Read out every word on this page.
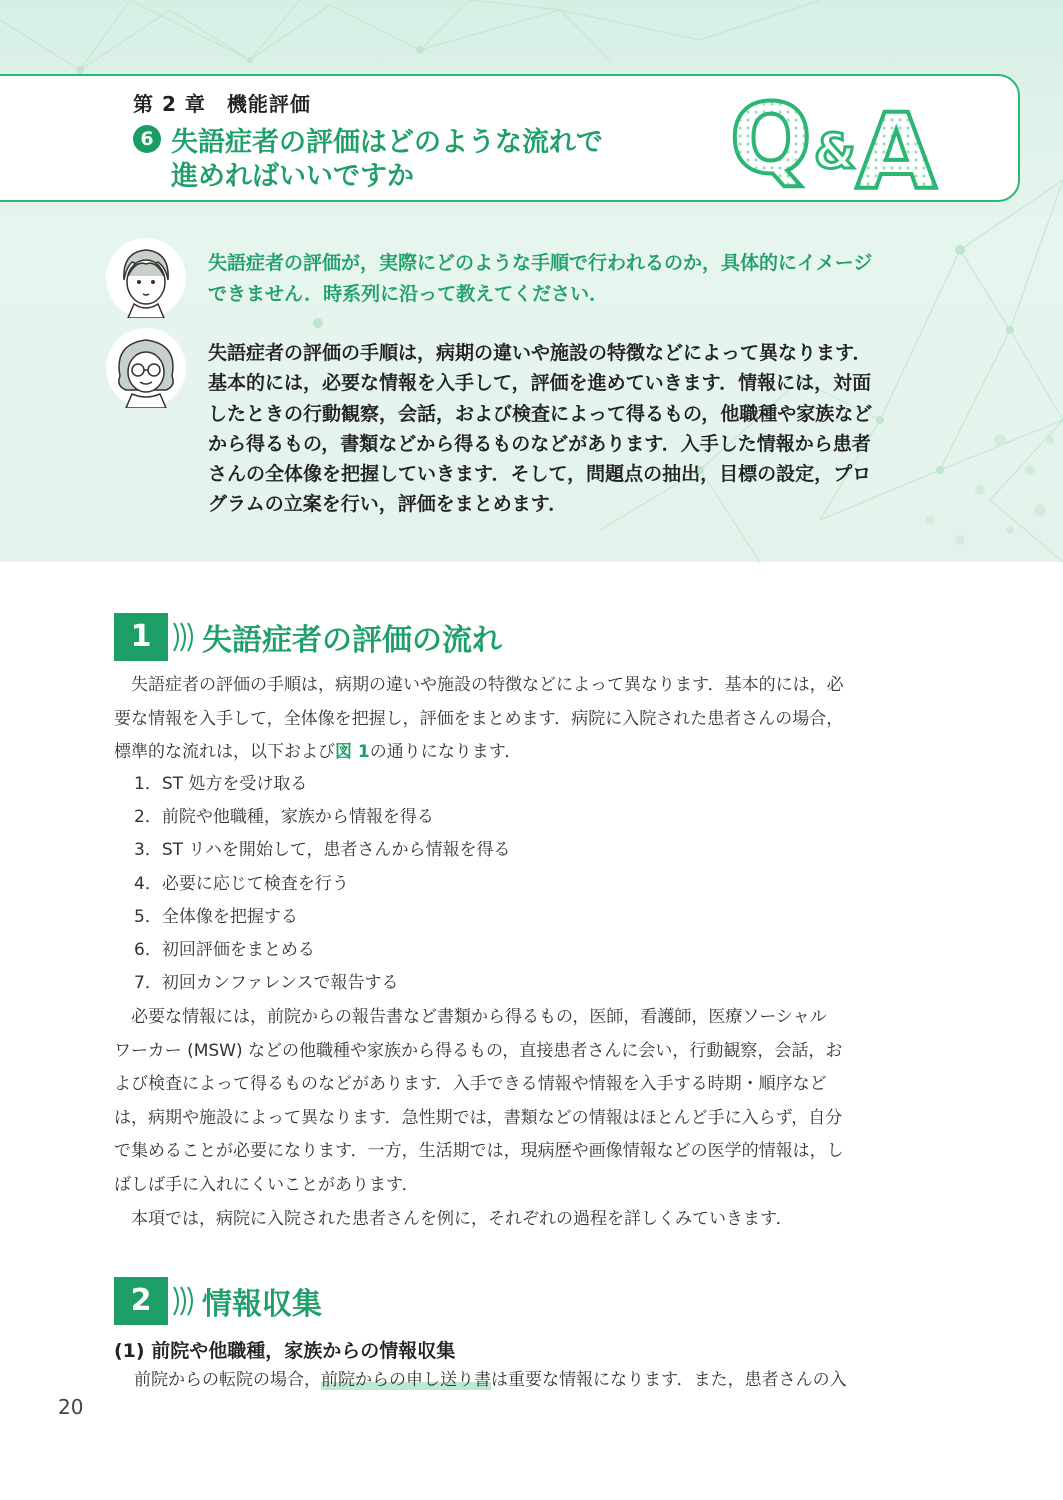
第 2 章　機能評価
6 失語症者の評価はどのような流れで
進めればいいですか	Q & A
失語症者の評価が，実際にどのような手順で行われるのか，具体的にイメージ
できません．時系列に沿って教えてください．
失語症者の評価の手順は，病期の違いや施設の特徴などによって異なります．
基本的には，必要な情報を入手して，評価を進めていきます．情報には，対面
したときの行動観察，会話，および検査によって得るもの，他職種や家族など
から得るもの，書類などから得るものなどがあります．入手した情報から患者
さんの全体像を把握していきます．そして，問題点の抽出，目標の設定，プロ
グラムの立案を行い，評価をまとめます．
1	失語症者の評価の流れ

失語症者の評価の手順は，病期の違いや施設の特徴などによって異なります．基本的には，必

要な情報を入手して，全体像を把握し，評価をまとめます．病院に入院された患者さんの場合，
標準的な流れは，以下および図 1の通りになります．
1．ST 処方を受け取る
2．前院や他職種，家族から情報を得る
3．ST リハを開始して，患者さんから情報を得る
4．必要に応じて検査を行う
5．全体像を把握する
6．初回評価をまとめる
7．初回カンファレンスで報告する

必要な情報には，前院からの報告書など書類から得るもの，医師，看護師，医療ソーシャル

ワーカー (MSW) などの他職種や家族から得るもの，直接患者さんに会い，行動観察，会話，お
よび検査によって得るものなどがあります．入手できる情報や情報を入手する時期・順序など
は，病期や施設によって異なります．急性期では，書類などの情報はほとんど手に入らず，自分
で集めることが必要になります．一方，生活期では，現病歴や画像情報などの医学的情報は，し
ばしば手に入れにくいことがあります．

本項では，病院に入院された患者さんを例に，それぞれの過程を詳しくみていきます．

2	情報収集
(1) 前院や他職種，家族からの情報収集
前院からの転院の場合，前院からの申し送り書は重要な情報になります．また，患者さんの入
20
